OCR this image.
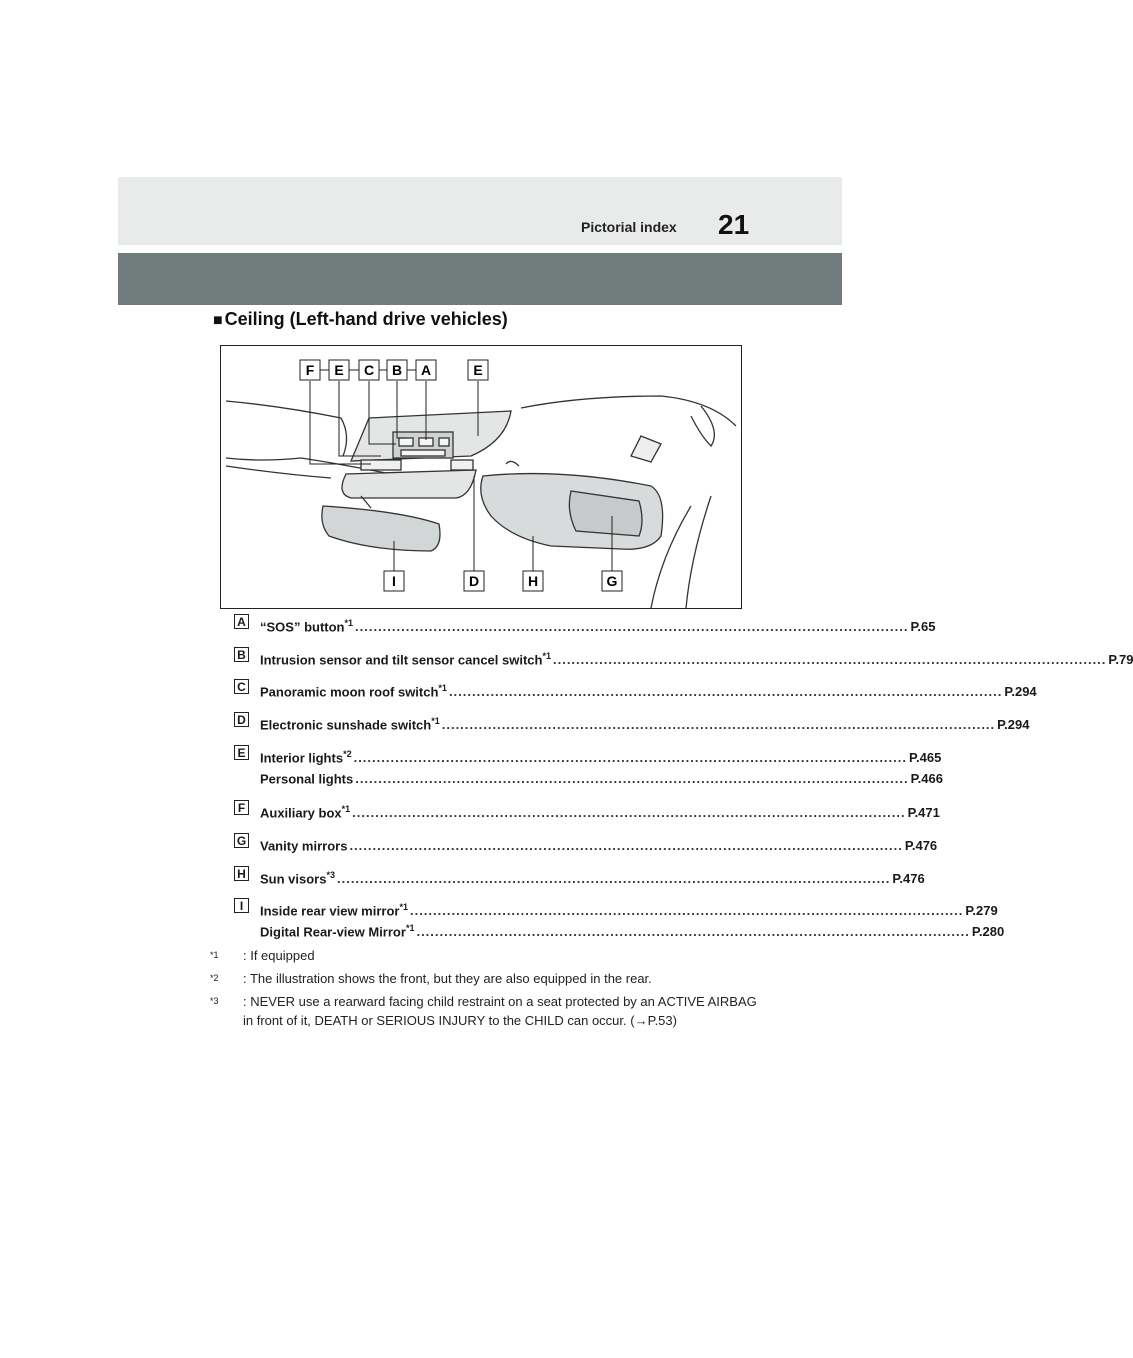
Pictorial index 21
■ Ceiling (Left-hand drive vehicles)
F E C B A	E
I	D	H	G
A “SOS” button$^{*1}$ ........................................................................................................................ P.65
B Intrusion sensor and tilt sensor cancel switch$^{*1}$ ........................................................................................................................ P.79
C Panoramic moon roof switch$^{*1}$ ........................................................................................................................ P.294
D Electronic sunshade switch$^{*1}$ ........................................................................................................................ P.294
E Interior lights$^{*2}$ ........................................................................................................................ P.465
Personal lights ........................................................................................................................ P.466
F Auxiliary box$^{*1}$ ........................................................................................................................ P.471
G Vanity mirrors ........................................................................................................................ P.476
H Sun visors$^{*3}$ ........................................................................................................................ P.476
I	Inside rear view mirror$^{*1}$ ........................................................................................................................ P.279
Digital Rear-view Mirror$^{*1}$ ........................................................................................................................ P.280
$^{*1}$ : If equipped
$^{*2}$ : The illustration shows the front, but they are also equipped in the rear.
$^{*3}$ : NEVER use a rearward facing child restraint on a seat protected by an ACTIVE AIRBAG in front of it, DEATH or SERIOUS INJURY to the CHILD can occur. (→P.53)
